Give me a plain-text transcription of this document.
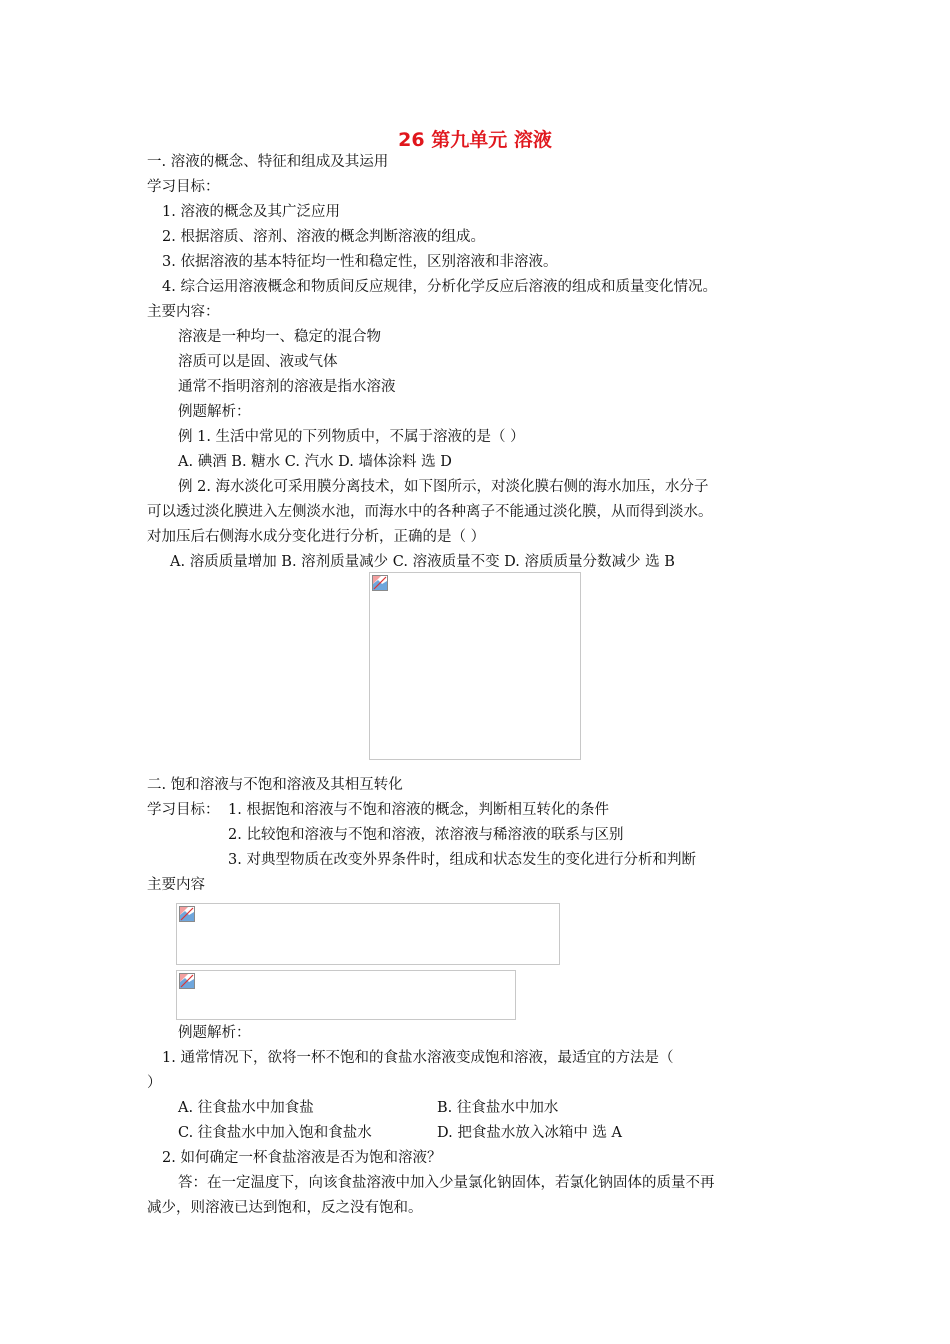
26 第九单元 溶液
一. 溶液的概念、特征和组成及其运用
学习目标：
1. 溶液的概念及其广泛应用
2. 根据溶质、溶剂、溶液的概念判断溶液的组成。
3. 依据溶液的基本特征均一性和稳定性，区别溶液和非溶液。
4. 综合运用溶液概念和物质间反应规律，分析化学反应后溶液的组成和质量变化情况。
主要内容：
溶液是一种均一、稳定的混合物
溶质可以是固、液或气体
通常不指明溶剂的溶液是指水溶液
例题解析：
例 1. 生活中常见的下列物质中，不属于溶液的是（ ）
A. 碘酒 B. 糖水 C. 汽水 D. 墙体涂料 选 D
例 2. 海水淡化可采用膜分离技术，如下图所示，对淡化膜右侧的海水加压，水分子
可以透过淡化膜进入左侧淡水池，而海水中的各种离子不能通过淡化膜，从而得到淡水。
对加压后右侧海水成分变化进行分析，正确的是（ ）
A. 溶质质量增加 B. 溶剂质量减少 C. 溶液质量不变 D. 溶质质量分数减少 选 B
二. 饱和溶液与不饱和溶液及其相互转化
学习目标： 1. 根据饱和溶液与不饱和溶液的概念，判断相互转化的条件
2. 比较饱和溶液与不饱和溶液，浓溶液与稀溶液的联系与区别
3. 对典型物质在改变外界条件时，组成和状态发生的变化进行分析和判断
主要内容
例题解析：
1. 通常情况下，欲将一杯不饱和的食盐水溶液变成饱和溶液，最适宜的方法是（
）
A. 往食盐水中加食盐	B. 往食盐水中加水
C. 往食盐水中加入饱和食盐水	D. 把食盐水放入冰箱中 选 A
2. 如何确定一杯食盐溶液是否为饱和溶液？
答：在一定温度下，向该食盐溶液中加入少量氯化钠固体，若氯化钠固体的质量不再
减少，则溶液已达到饱和，反之没有饱和。
